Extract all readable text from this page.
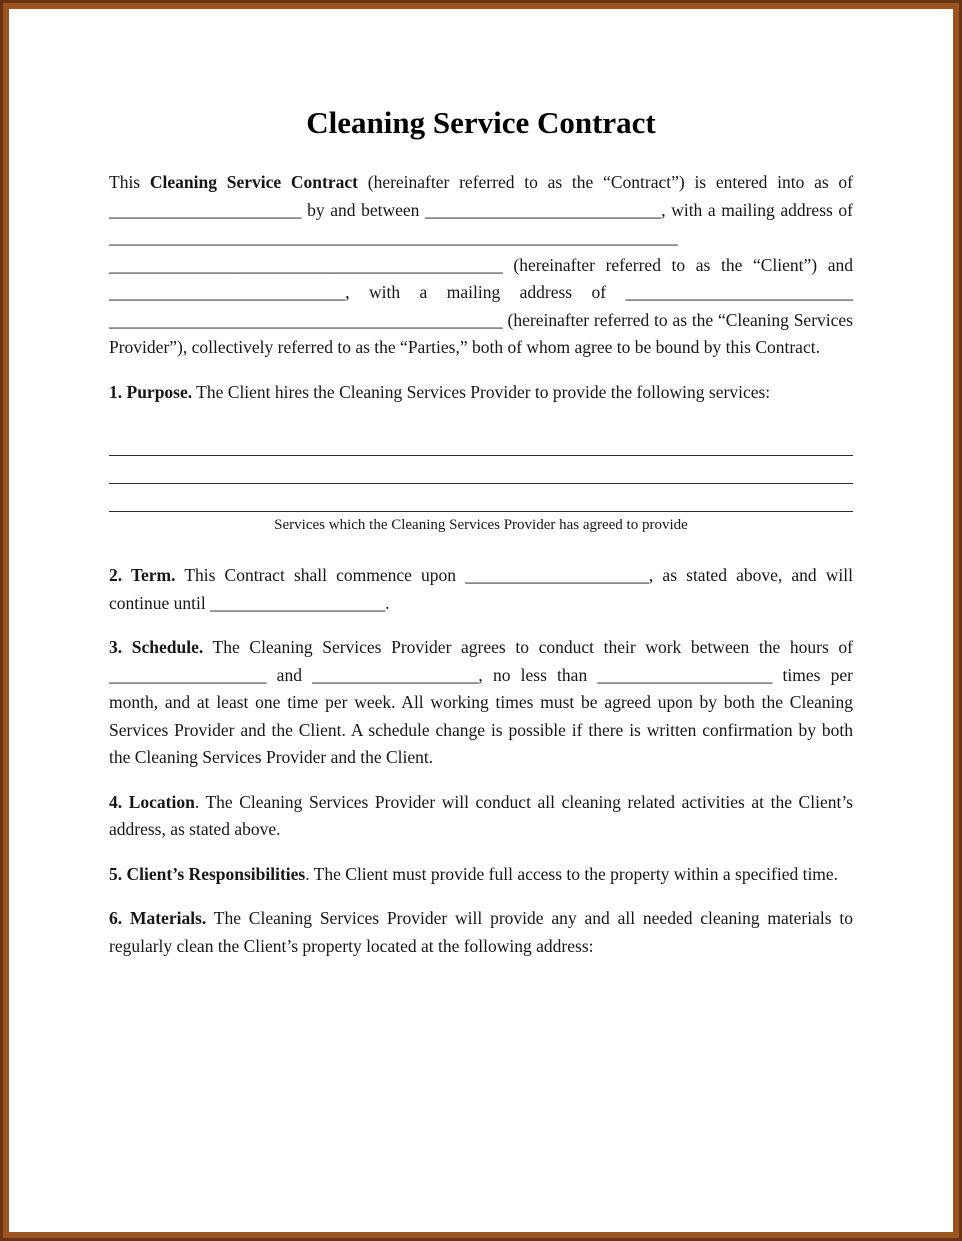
Cleaning Service Contract

This Cleaning Service Contract (hereinafter referred to as the “Contract”) is entered into as of ______________________ by and between ___________________________, with a mailing address of _________________________________________________________________ _____________________________________________ (hereinafter referred to as the “Client”) and ___________________________, with a mailing address of __________________________ _____________________________________________ (hereinafter referred to as the “Cleaning Services Provider”), collectively referred to as the “Parties,” both of whom agree to be bound by this Contract.

1. Purpose. The Client hires the Cleaning Services Provider to provide the following services:

Services which the Cleaning Services Provider has agreed to provide

2. Term. This Contract shall commence upon _____________________, as stated above, and will continue until ____________________.

3. Schedule. The Cleaning Services Provider agrees to conduct their work between the hours of __________________ and ___________________, no less than ____________________ times per month, and at least one time per week. All working times must be agreed upon by both the Cleaning Services Provider and the Client. A schedule change is possible if there is written confirmation by both the Cleaning Services Provider and the Client.

4. Location. The Cleaning Services Provider will conduct all cleaning related activities at the Client’s address, as stated above.

5. Client’s Responsibilities. The Client must provide full access to the property within a specified time.

6. Materials. The Cleaning Services Provider will provide any and all needed cleaning materials to regularly clean the Client’s property located at the following address:
